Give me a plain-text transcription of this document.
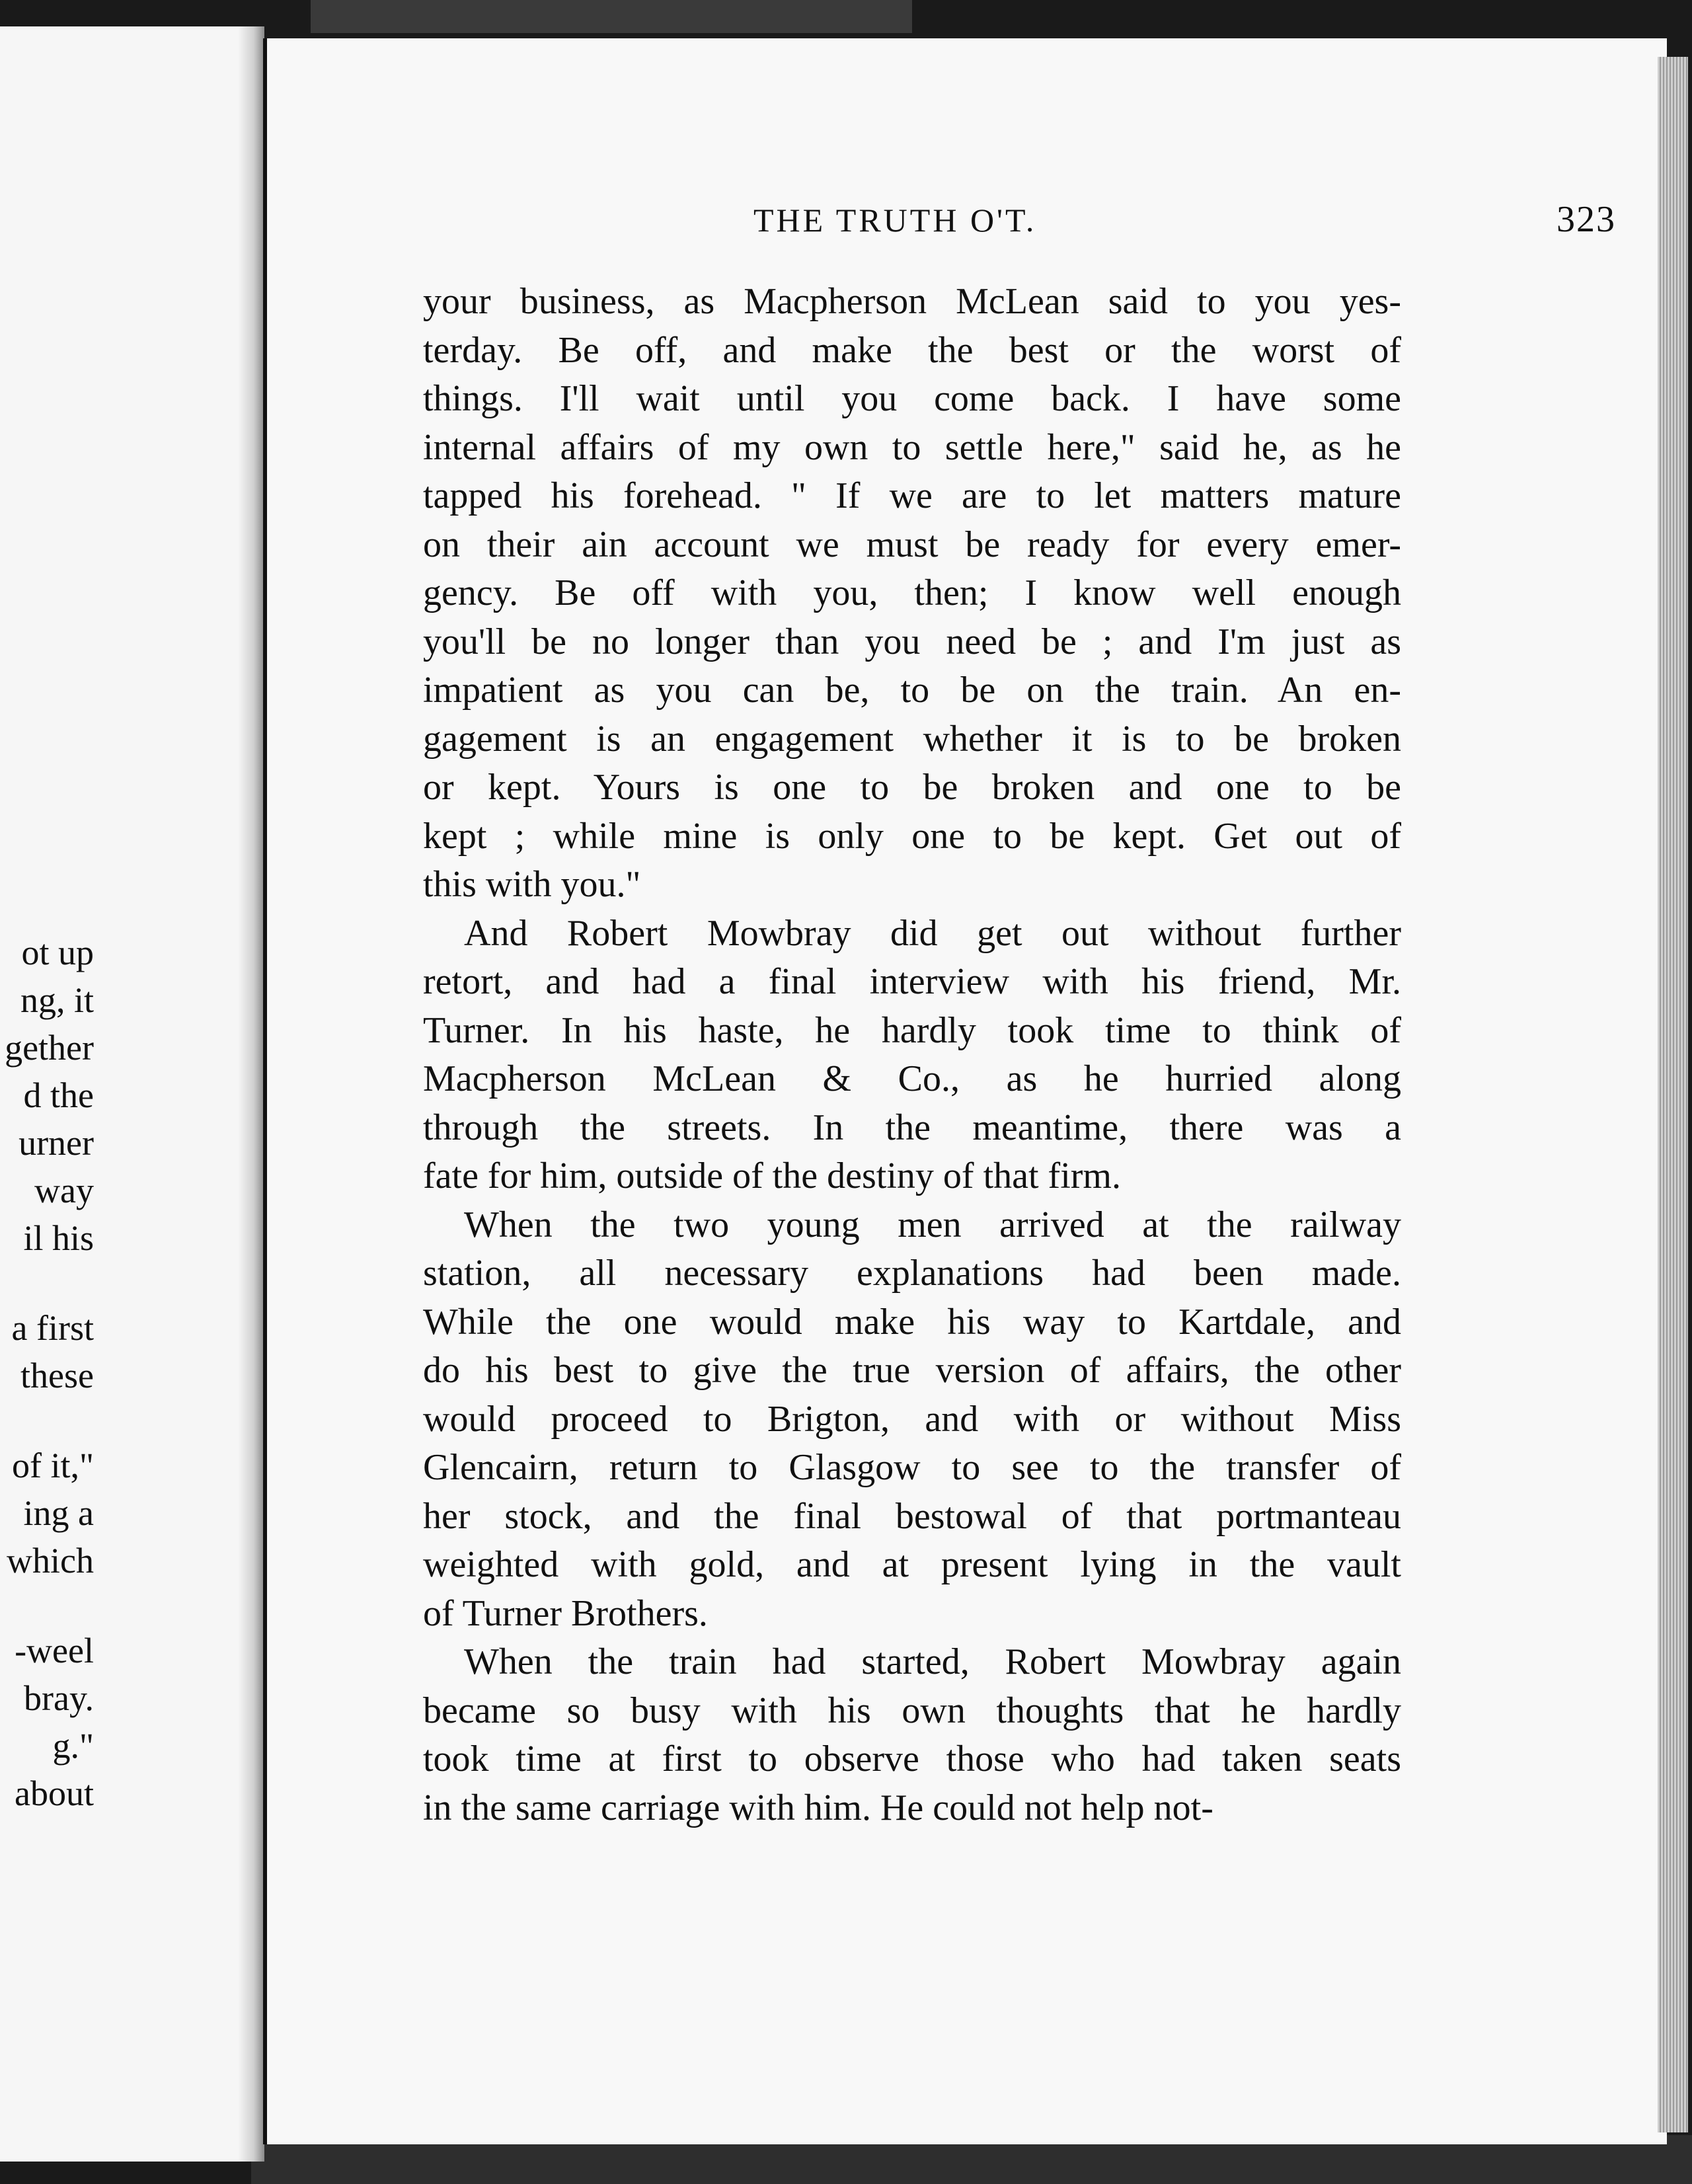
ot up
ng, it
gether
d the
urner
way
il his
a first
these
of it,"
ing a
which
-weel
bray.
g."
about
THE TRUTH O'T.	323
your business, as Macpherson McLean said to you yes-
terday. Be off, and make the best or the worst of
things. I'll wait until you come back. I have some
internal affairs of my own to settle here," said he, as he
tapped his forehead. " If we are to let matters mature
on their ain account we must be ready for every emer-
gency. Be off with you, then; I know well enough
you'll be no longer than you need be ; and I'm just as
impatient as you can be, to be on the train. An en-
gagement is an engagement whether it is to be broken
or kept. Yours is one to be broken and one to be
kept ; while mine is only one to be kept. Get out of
this with you."
And Robert Mowbray did get out without further
retort, and had a final interview with his friend, Mr.
Turner. In his haste, he hardly took time to think of
Macpherson McLean & Co., as he hurried along
through the streets. In the meantime, there was a
fate for him, outside of the destiny of that firm.
When the two young men arrived at the railway
station, all necessary explanations had been made.
While the one would make his way to Kartdale, and
do his best to give the true version of affairs, the other
would proceed to Brigton, and with or without Miss
Glencairn, return to Glasgow to see to the transfer of
her stock, and the final bestowal of that portmanteau
weighted with gold, and at present lying in the vault
of Turner Brothers.
When the train had started, Robert Mowbray again
became so busy with his own thoughts that he hardly
took time at first to observe those who had taken seats
in the same carriage with him. He could not help not-
